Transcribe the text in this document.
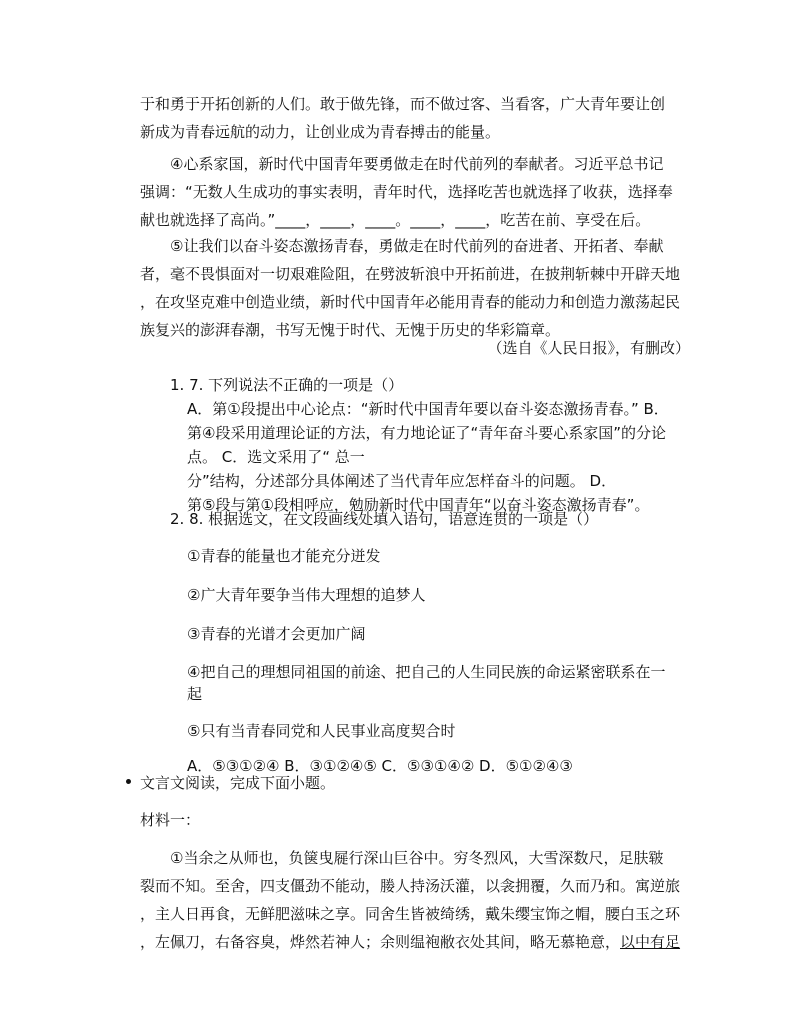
于和勇于开拓创新的人们。敢于做先锋，而不做过客、当看客，广大青年要让创
新成为青春远航的动力，让创业成为青春搏击的能量。
④心系家国，新时代中国青年要勇做走在时代前列的奉献者。习近平总书记
强调：“无数人生成功的事实表明，青年时代，选择吃苦也就选择了收获，选择奉
献也就选择了高尚。”____，____，____。____，____，吃苦在前、享受在后。
⑤让我们以奋斗姿态激扬青春，勇做走在时代前列的奋进者、开拓者、奉献
者，毫不畏惧面对一切艰难险阻，在劈波斩浪中开拓前进，在披荆斩棘中开辟天地
，在攻坚克难中创造业绩，新时代中国青年必能用青春的能动力和创造力激荡起民
族复兴的澎湃春潮，书写无愧于时代、无愧于历史的华彩篇章。
（选自《人民日报》，有删改）
1. 7. 下列说法不正确的一项是（）
A．第①段提出中心论点：“新时代中国青年要以奋斗姿态激扬青春。” B．
第④段采用道理论证的方法，有力地论证了“青年奋斗要心系家国”的分论
点。 C．选文采用了“ 总一
分”结构，分述部分具体阐述了当代青年应怎样奋斗的问题。 D．
第⑤段与第①段相呼应，勉励新时代中国青年“以奋斗姿态激扬青春”。
2. 8. 根据选文，在文段画线处填入语句，语意连贯的一项是（）
①青春的能量也才能充分迸发
②广大青年要争当伟大理想的追梦人
③青春的光谱才会更加广阔
④把自己的理想同祖国的前途、把自己的人生同民族的命运紧密联系在一
起
⑤只有当青春同党和人民事业高度契合时
A．⑤③①②④ B．③①②④⑤ C．⑤③①④② D．⑤①②④③
文言文阅读，完成下面小题。
材料一：
①当余之从师也，负箧曳屣行深山巨谷中。穷冬烈风，大雪深数尺，足肤皲
裂而不知。至舍，四支僵劲不能动，媵人持汤沃灌，以衾拥覆，久而乃和。寓逆旅
，主人日再食，无鲜肥滋味之享。同舍生皆被绮绣，戴朱缨宝饰之帽，腰白玉之环
，左佩刀，右备容臭，烨然若神人；余则缊袍敝衣处其间，略无慕艳意，以中有足
